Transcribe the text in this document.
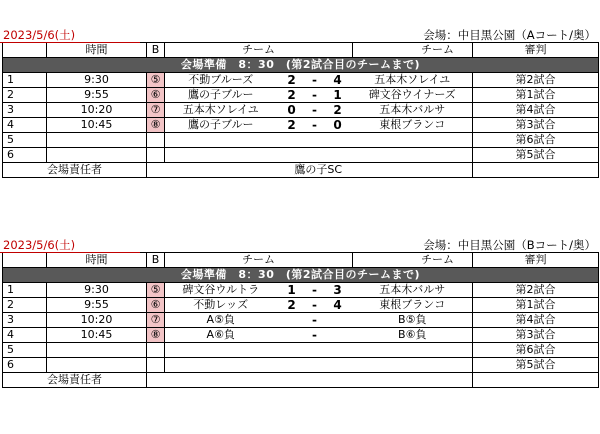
2023/5/6(土)	会場：中目黒公園（Aコート/奥）
	時間	B	チーム				チーム	審判
会場準備　8：30　(第2試合目のチームまで)								
1	9:30	⑤	不動ブルーズ	2	-	4	五本木ソレイユ	第2試合
2	9:55	⑥	鷹の子ブルー	2	-	1	碑文谷ウイナーズ	第1試合
3	10:20	⑦	五本木ソレイユ	0	-	2	五本木バルサ	第4試合
4	10:45	⑧	鷹の子ブルー	2	-	0	東根ブランコ	第3試合
5								第6試合
6								第5試合
会場責任者			鷹の子SC					
2023/5/6(土)	会場：中目黒公園（Bコート/奥）
	時間	B	チーム				チーム	審判
会場準備　8：30　(第2試合目のチームまで)								
1	9:30	⑤	碑文谷ウルトラ	1	-	3	五本木バルサ	第2試合
2	9:55	⑥	不動レッズ	2	-	4	東根ブランコ	第1試合
3	10:20	⑦	A⑤負		-		B⑤負	第4試合
4	10:45	⑧	A⑥負		-		B⑥負	第3試合
5								第6試合
6								第5試合
会場責任者								
